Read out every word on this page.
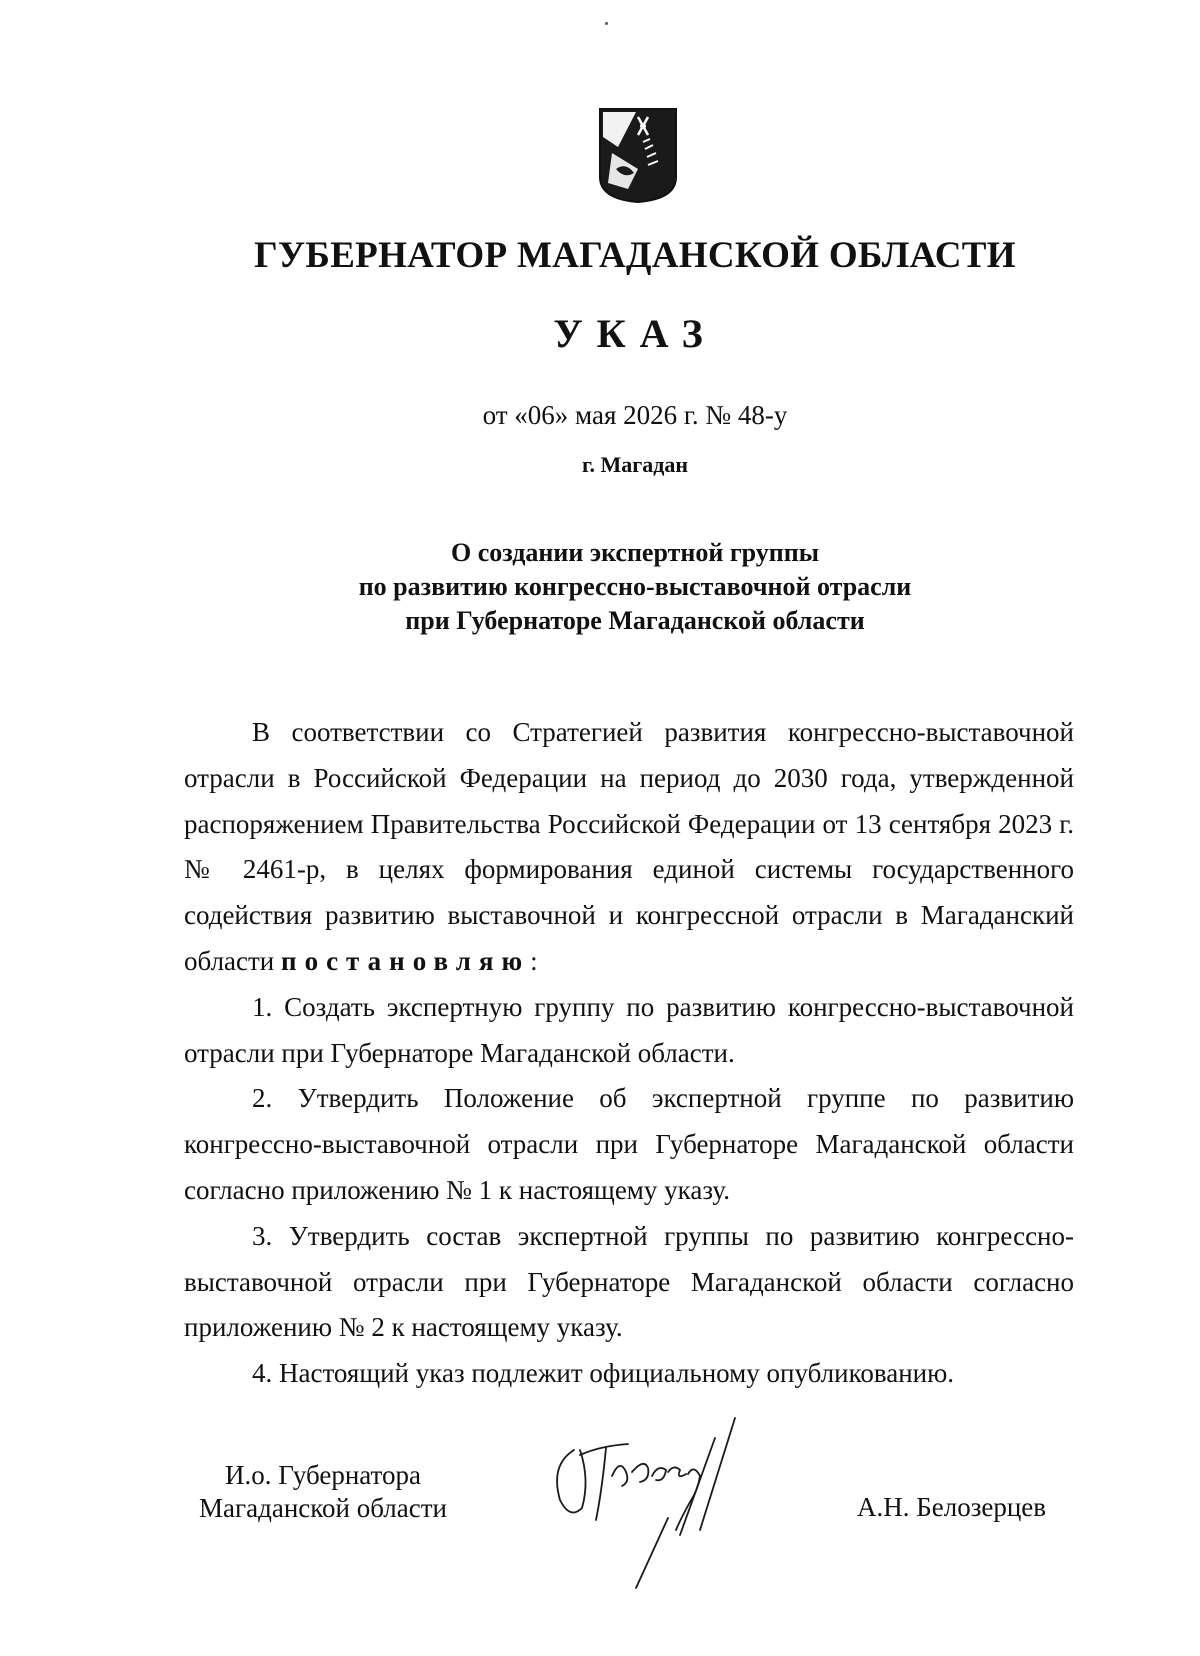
ГУБЕРНАТОР МАГАДАНСКОЙ ОБЛАСТИ
УКАЗ
от «06» мая 2026 г. № 48-у
г. Магадан
О создании экспертной группы
по развитию конгрессно-выставочной отрасли
при Губернаторе Магаданской области

В соответствии со Стратегией развития конгрессно-выставочной отрасли в Российской Федерации на период до 2030 года, утвержденной распоряжением Правительства Российской Федерации от 13 сентября 2023 г. № 2461-р, в целях формирования единой системы государственного содействия развитию выставочной и конгрессной отрасли в Магаданский области постановляю:

1. Создать экспертную группу по развитию конгрессно-выставочной отрасли при Губернаторе Магаданской области.

2. Утвердить Положение об экспертной группе по развитию конгрессно-выставочной отрасли при Губернаторе Магаданской области согласно приложению № 1 к настоящему указу.

3. Утвердить состав экспертной группы по развитию конгрессно-выставочной отрасли при Губернаторе Магаданской области согласно приложению № 2 к настоящему указу.

4. Настоящий указ подлежит официальному опубликованию.

И.о. Губернатора
Магаданской области	А.Н. Белозерцев
